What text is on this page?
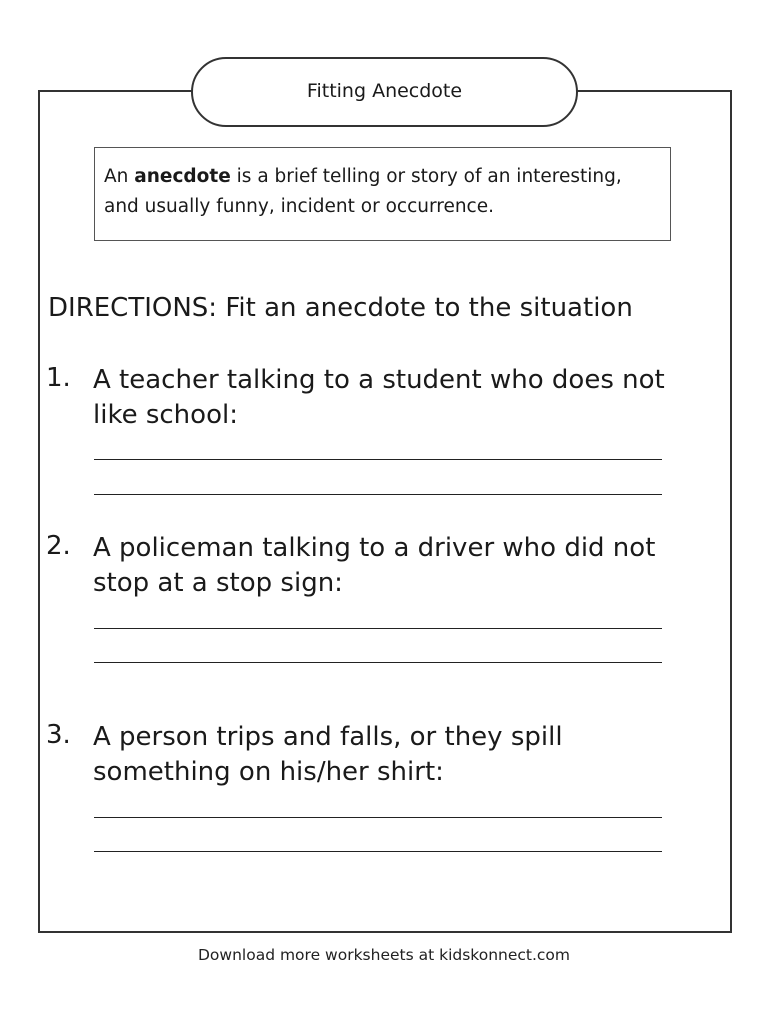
Fitting Anecdote
An anecdote is a brief telling or story of an interesting,
and usually funny, incident or occurrence.
DIRECTIONS: Fit an anecdote to the situation
1. A teacher talking to a student who does not
like school:
2. A policeman talking to a driver who did not
stop at a stop sign:
3. A person trips and falls, or they spill
something on his/her shirt:
Download more worksheets at kidskonnect.com
